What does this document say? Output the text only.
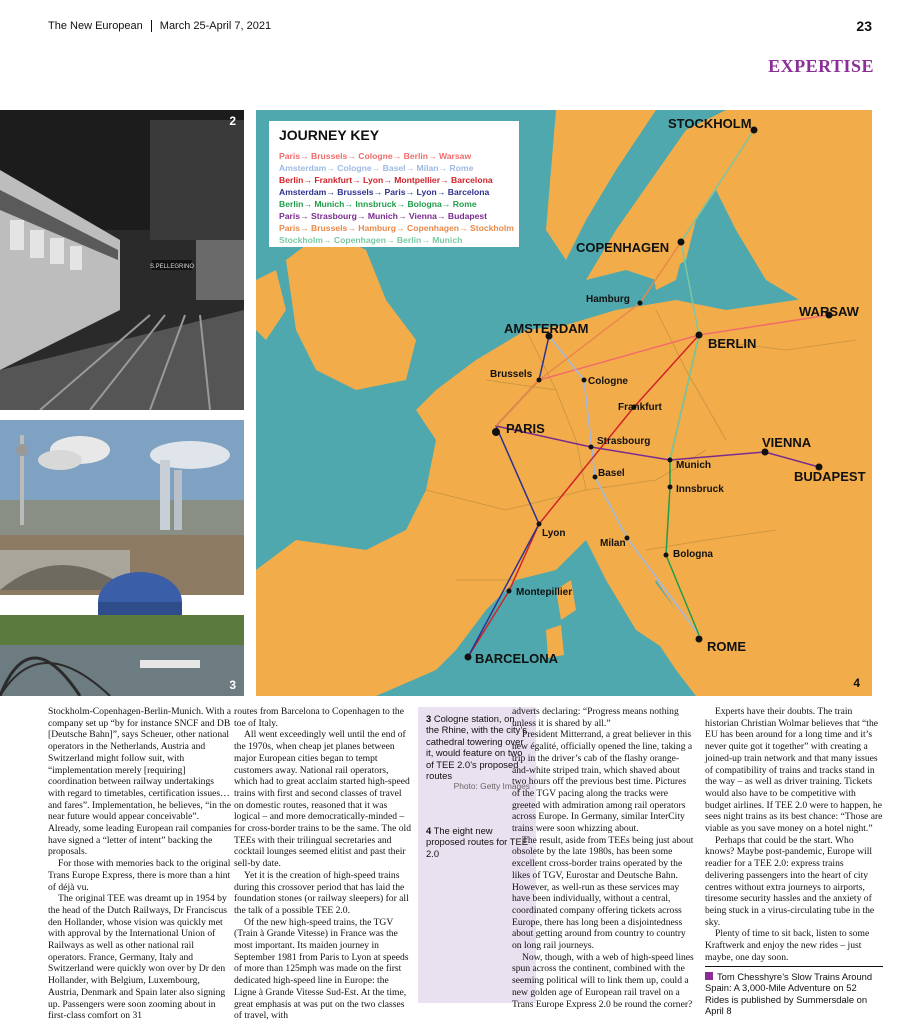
The New European March 25-April 7, 2021	23
EXPERTISE
S.PELLEGRINO
2
3
JOURNEY KEY
Paris→ Brussels→ Cologne→ Berlin→ Warsaw
Amsterdam→ Cologne→ Basel→ Milan→ Rome
Berlin→ Frankfurt→ Lyon→ Montpellier→ Barcelona
Amsterdam→ Brussels→ Paris→ Lyon→ Barcelona
Berlin→ Munich→ Innsbruck→ Bologna→ Rome
Paris→ Strasbourg→ Munich→ Vienna→ Budapest
Paris→ Brussels→ Hamburg→ Copenhagen→ Stockholm
Stockholm→ Copenhagen→ Berlin→ Munich
STOCKHOLM
COPENHAGEN
Hamburg
AMSTERDAM
BERLIN
WARSAW
Brussels
Cologne
Frankfurt
PARIS
Strasbourg	VIENNA
Munich
BUDAPEST
Basel
Innsbruck
Lyon
Milan
Bologna
Montepillier
ROME
BARCELONA
4

Stockholm-Copenhagen-Berlin-Munich. With a company set up “by for instance SNCF and DB [Deutsche Bahn]”, says Scheuer, other national operators in the Netherlands, Austria and Switzerland might follow suit, with “implementation merely [requiring] coordination between railway undertakings with regard to timetables, certification issues… and fares”. Implementation, he believes, “in the near future would appear conceivable”. Already, some leading European rail companies have signed a “letter of intent” backing the proposals.

For those with memories back to the original Trans Europe Express, there is more than a hint of déjà vu.

The original TEE was dreamt up in 1954 by the head of the Dutch Railways, Dr Franciscus den Hollander, whose vision was quickly met with approval by the International Union of Railways as well as other national rail operators. France, Germany, Italy and Switzerland were quickly won over by Dr den Hollander, with Belgium, Luxembourg, Austria, Denmark and Spain later also signing up. Passengers were soon zooming about in first-class comfort on 31

routes from Barcelona to Copenhagen to the toe of Italy.

All went exceedingly well until the end of the 1970s, when cheap jet planes between major European cities began to tempt customers away. National rail operators, which had to great acclaim started high-speed trains with first and second classes of travel on domestic routes, reasoned that it was logical – and more democratically-minded – for cross-border trains to be the same. The old TEEs with their trilingual secretaries and cocktail lounges seemed elitist and past their sell-by date.

Yet it is the creation of high-speed trains during this crossover period that has laid the foundation stones (or railway sleepers) for all the talk of a possible TEE 2.0.

Of the new high-speed trains, the TGV (Train à Grande Vitesse) in France was the most important. Its maiden journey in September 1981 from Paris to Lyon at speeds of more than 125mph was made on the first dedicated high-speed line in Europe: the Ligne à Grande Vitesse Sud-Est. At the time, great emphasis at was put on the two classes of travel, with

3 Cologne station, on the Rhine, with the city’s cathedral towering over it, would feature on two of TEE 2.0’s proposed routes
Photo: Getty Images
4 The eight new proposed routes for TEE 2.0

adverts declaring: “Progress means nothing unless it is shared by all.”

President Mitterrand, a great believer in this new égalité, officially opened the line, taking a trip in the driver’s cab of the flashy orange-and-white striped train, which shaved about two hours off the previous best time. Pictures of the TGV pacing along the tracks were greeted with admiration among rail operators across Europe. In Germany, similar InterCity trains were soon whizzing about.

The result, aside from TEEs being just about obsolete by the late 1980s, has been some excellent cross-border trains operated by the likes of TGV, Eurostar and Deutsche Bahn. However, as well-run as these services may have been individually, without a central, coordinated company offering tickets across Europe, there has long been a disjointedness about getting around from country to country on long rail journeys.

Now, though, with a web of high-speed lines spun across the continent, combined with the seeming political will to link them up, could a new golden age of European rail travel on a Trans Europe Express 2.0 be round the corner?

Experts have their doubts. The train historian Christian Wolmar believes that “the EU has been around for a long time and it’s never quite got it together” with creating a joined-up train network and that many issues of compatibility of trains and tracks stand in the way – as well as driver training. Tickets would also have to be competitive with budget airlines. If TEE 2.0 were to happen, he sees night trains as its best chance: “Those are viable as you save money on a hotel night.”

Perhaps that could be the start. Who knows? Maybe post-pandemic, Europe will readier for a TEE 2.0: express trains delivering passengers into the heart of city centres without extra journeys to airports, tiresome security hassles and the anxiety of being stuck in a virus-circulating tube in the sky.

Plenty of time to sit back, listen to some Kraftwerk and enjoy the new rides – just maybe, one day soon.

Tom Chesshyre’s Slow Trains Around Spain: A 3,000-Mile Adventure on 52 Rides is published by Summersdale on April 8
